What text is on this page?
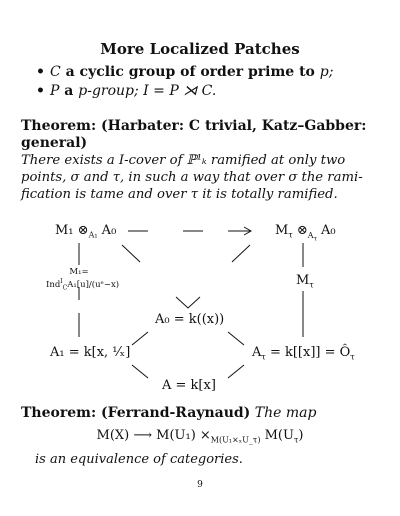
More Localized Patches
• C a cyclic group of order prime to p;
• P a p-group; I = P ⋊ C.
Theorem: (Harbater: C trivial, Katz–Gabber:
general)
There exists a I-cover of ℙ¹ₖ ramified at only two
points, σ and τ, in such a way that over σ the rami-
fication is tame and over τ it is totally ramified.
M₁ $\otimes_{A_1}$ A₀	$M_\tau$ $\otimes_{A_\tau}$ A₀
M₁=
Ind$^I_C$A₁[u]/(uᵉ−x)	$M_\tau$
A₀ = k((x))
A₁ = k[x, ¹⁄ₓ]	$A_\tau = k[[x]]$ = $Ô_\tau$
A = k[x]
Theorem: (Ferrand-Raynaud) The map
M(X) ⟶ $M(U_1) \times_{M(U_1\times_xU\_\tau)}$ $M(U_\tau)$
is an equivalence of categories.
9
